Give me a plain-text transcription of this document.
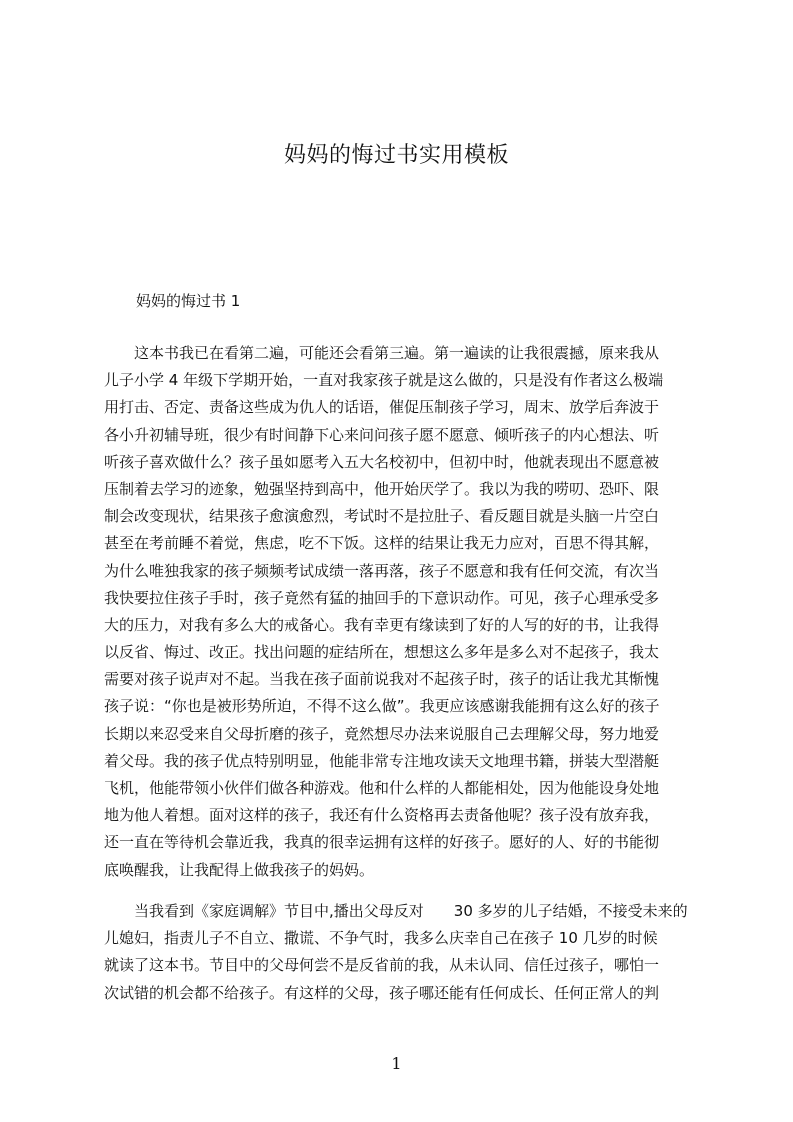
妈妈的悔过书实用模板
妈妈的悔过书 1
　　这本书我已在看第二遍，可能还会看第三遍。第一遍读的让我很震撼，原来我从
儿子小学 4 年级下学期开始，一直对我家孩子就是这么做的，只是没有作者这么极端
用打击、否定、责备这些成为仇人的话语，催促压制孩子学习，周末、放学后奔波于
各小升初辅导班，很少有时间静下心来问问孩子愿不愿意、倾听孩子的内心想法、听
听孩子喜欢做什么？孩子虽如愿考入五大名校初中，但初中时，他就表现出不愿意被
压制着去学习的迹象，勉强坚持到高中，他开始厌学了。我以为我的唠叨、恐吓、限
制会改变现状，结果孩子愈演愈烈，考试时不是拉肚子、看反题目就是头脑一片空白
甚至在考前睡不着觉，焦虑，吃不下饭。这样的结果让我无力应对，百思不得其解，
为什么唯独我家的孩子频频考试成绩一落再落，孩子不愿意和我有任何交流，有次当
我快要拉住孩子手时，孩子竟然有猛的抽回手的下意识动作。可见，孩子心理承受多
大的压力，对我有多么大的戒备心。我有幸更有缘读到了好的人写的好的书，让我得
以反省、悔过、改正。找出问题的症结所在，想想这么多年是多么对不起孩子，我太
需要对孩子说声对不起。当我在孩子面前说我对不起孩子时，孩子的话让我尤其惭愧
孩子说：“你也是被形势所迫，不得不这么做”。我更应该感谢我能拥有这么好的孩子
长期以来忍受来自父母折磨的孩子，竟然想尽办法来说服自己去理解父母，努力地爱
着父母。我的孩子优点特别明显，他能非常专注地攻读天文地理书籍，拼装大型潜艇
飞机，他能带领小伙伴们做各种游戏。他和什么样的人都能相处，因为他能设身处地
地为他人着想。面对这样的孩子，我还有什么资格再去责备他呢？孩子没有放弃我，
还一直在等待机会靠近我，我真的很幸运拥有这样的好孩子。愿好的人、好的书能彻
底唤醒我，让我配得上做我孩子的妈妈。
　　当我看到《家庭调解》节目中,播出父母反对　　30 多岁的儿子结婚，不接受未来的
儿媳妇，指责儿子不自立、撒谎、不争气时，我多么庆幸自己在孩子 10 几岁的时候
就读了这本书。节目中的父母何尝不是反省前的我，从未认同、信任过孩子，哪怕一
次试错的机会都不给孩子。有这样的父母，孩子哪还能有任何成长、任何正常人的判
1
